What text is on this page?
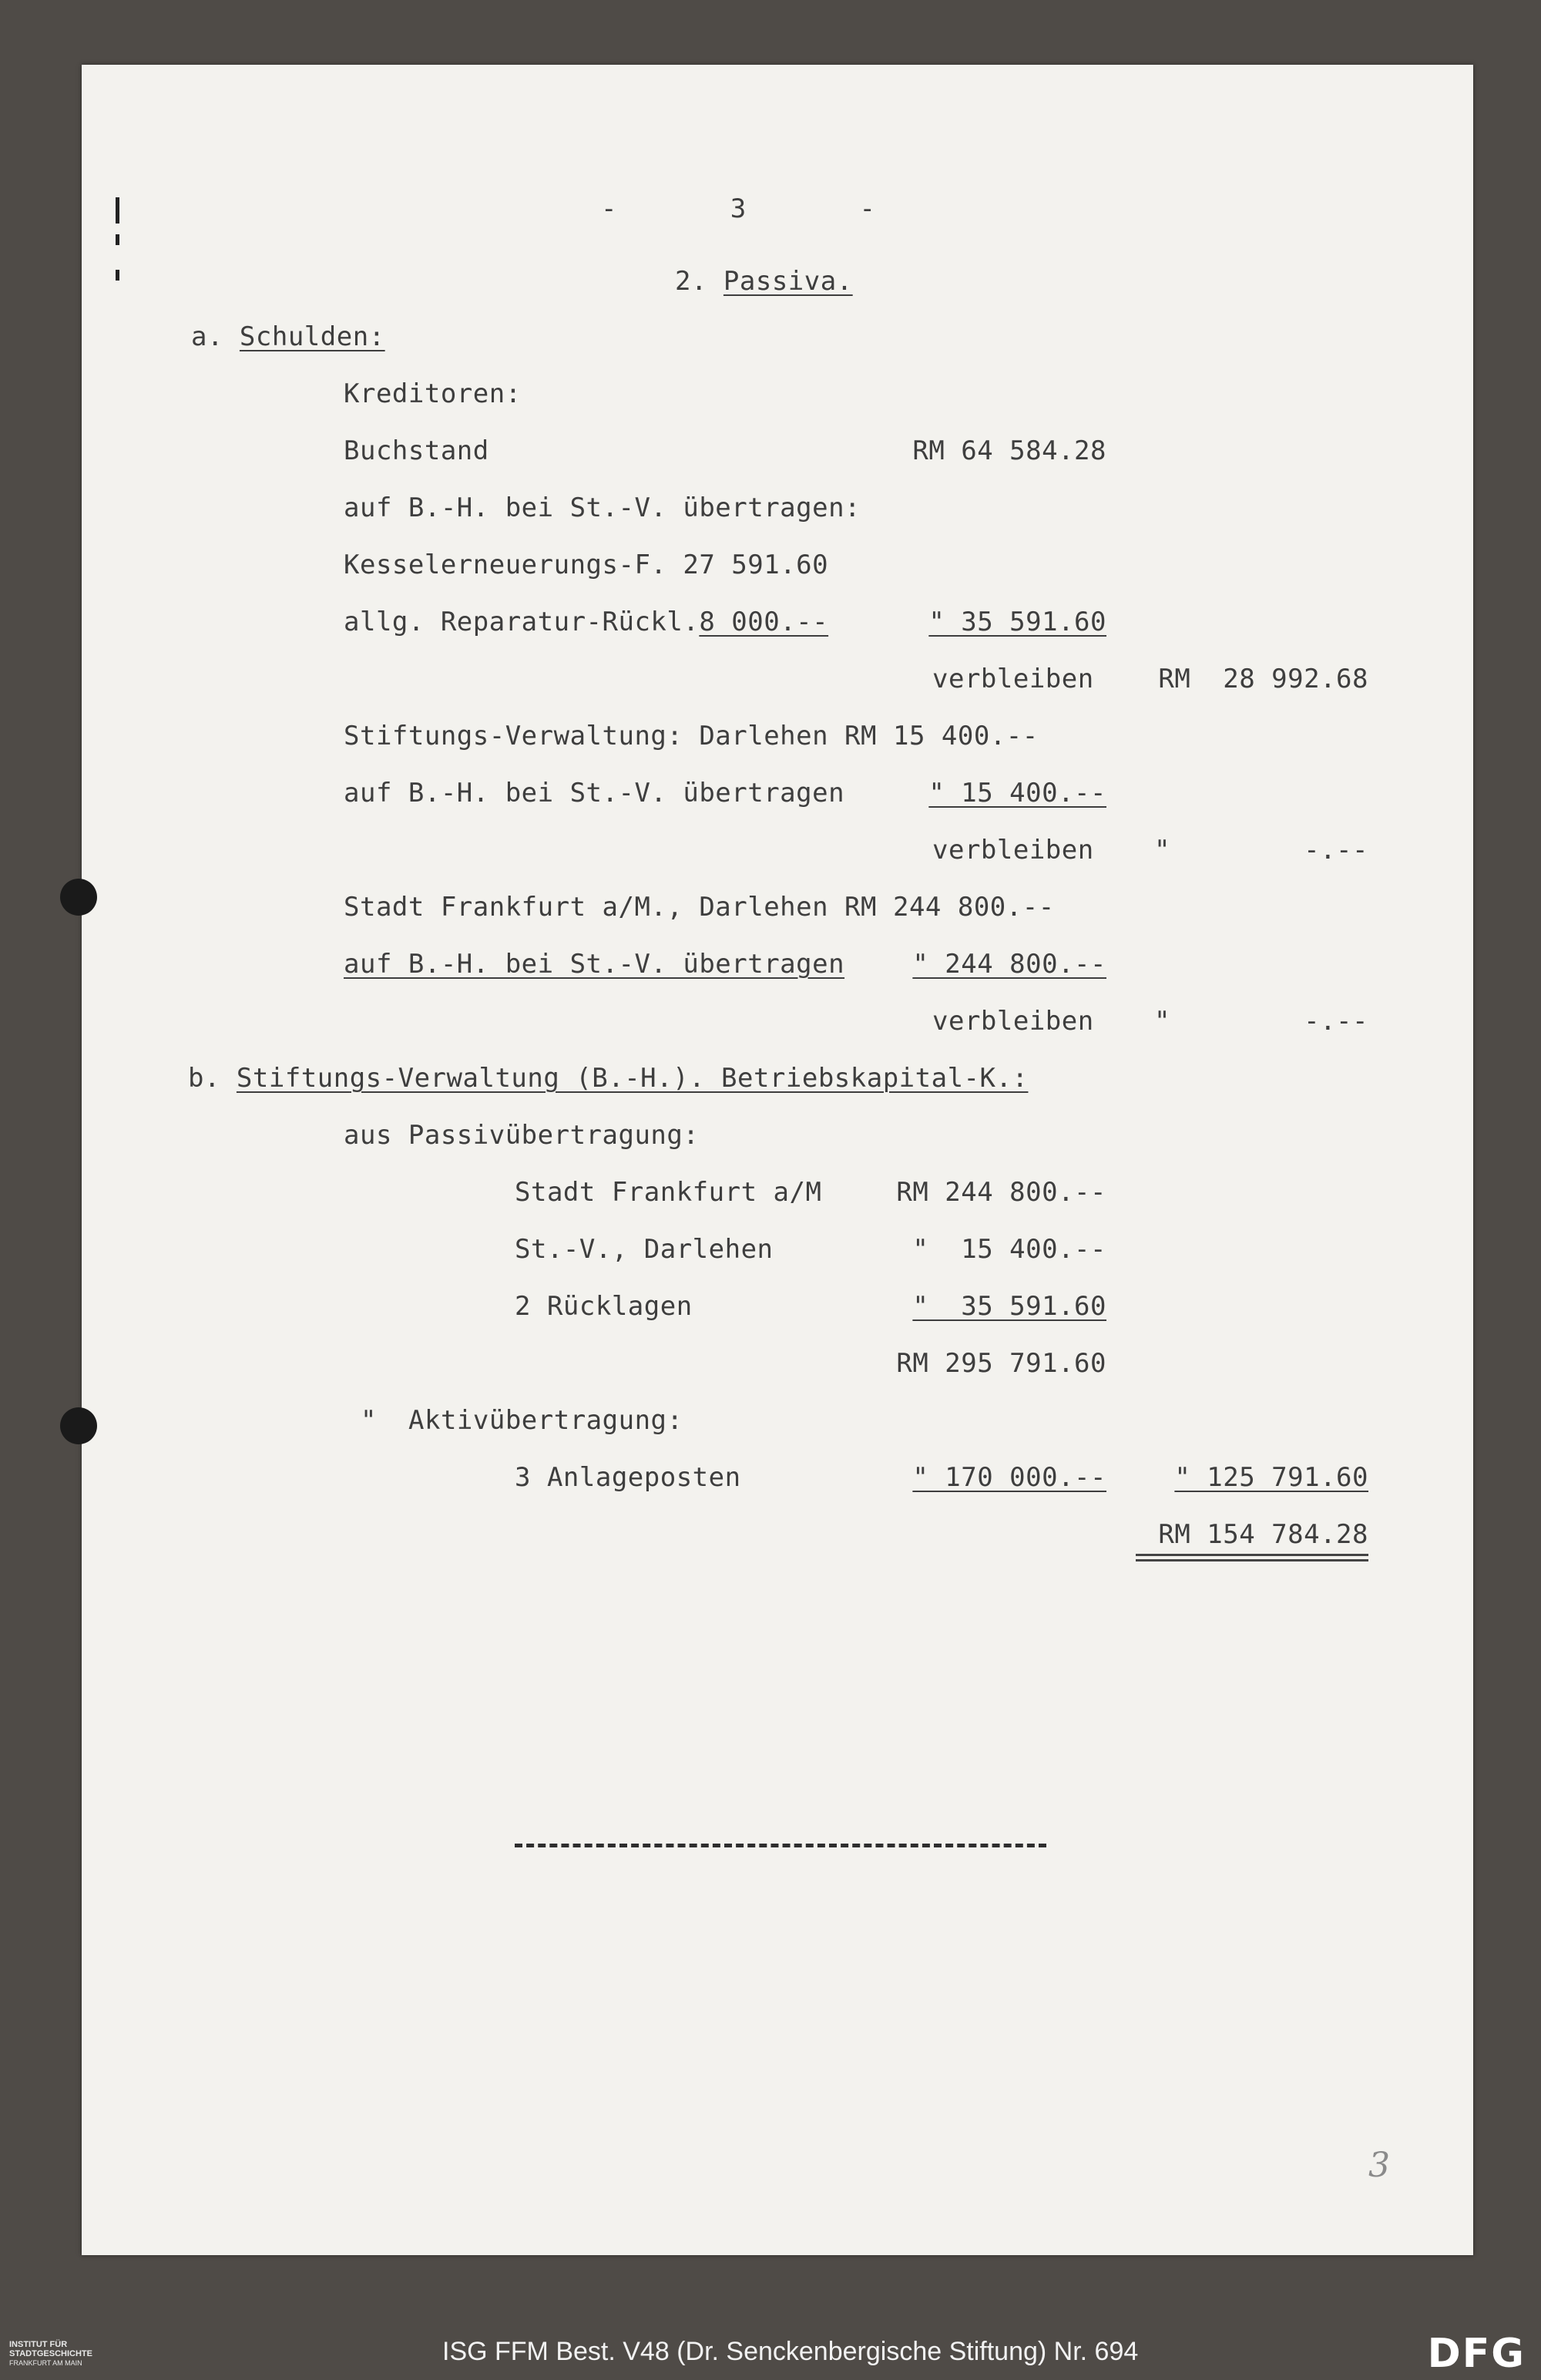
-       3       -
2. Passiva.
a. Schulden:
Kreditoren:
Buchstand	RM 64 584.28
auf B.-H. bei St.-V. übertragen:
Kesselerneuerungs-F. 27 591.60
allg. Reparatur-Rückl.8 000.--	" 35 591.60
verbleiben	RM  28 992.68
Stiftungs-Verwaltung: Darlehen RM 15 400.--
auf B.-H. bei St.-V. übertragen	" 15 400.--
verbleiben "	-.--
Stadt Frankfurt a/M., Darlehen RM 244 800.--
auf B.-H. bei St.-V. übertragen	" 244 800.--
verbleiben "	-.--
b. Stiftungs-Verwaltung (B.-H.). Betriebskapital-K.:
aus Passivübertragung:
Stadt Frankfurt a/M	RM 244 800.--
St.-V., Darlehen	"  15 400.--
2 Rücklagen	"  35 591.60
RM 295 791.60
" Aktivübertragung:
3 Anlageposten	" 170 000.--	" 125 791.60
RM 154 784.28
3
INSTITUT FÜR
STADTGESCHICHTE
FRANKFURT AM MAIN	ISG FFM Best. V48 (Dr. Senckenbergische Stiftung) Nr. 694	DFG
